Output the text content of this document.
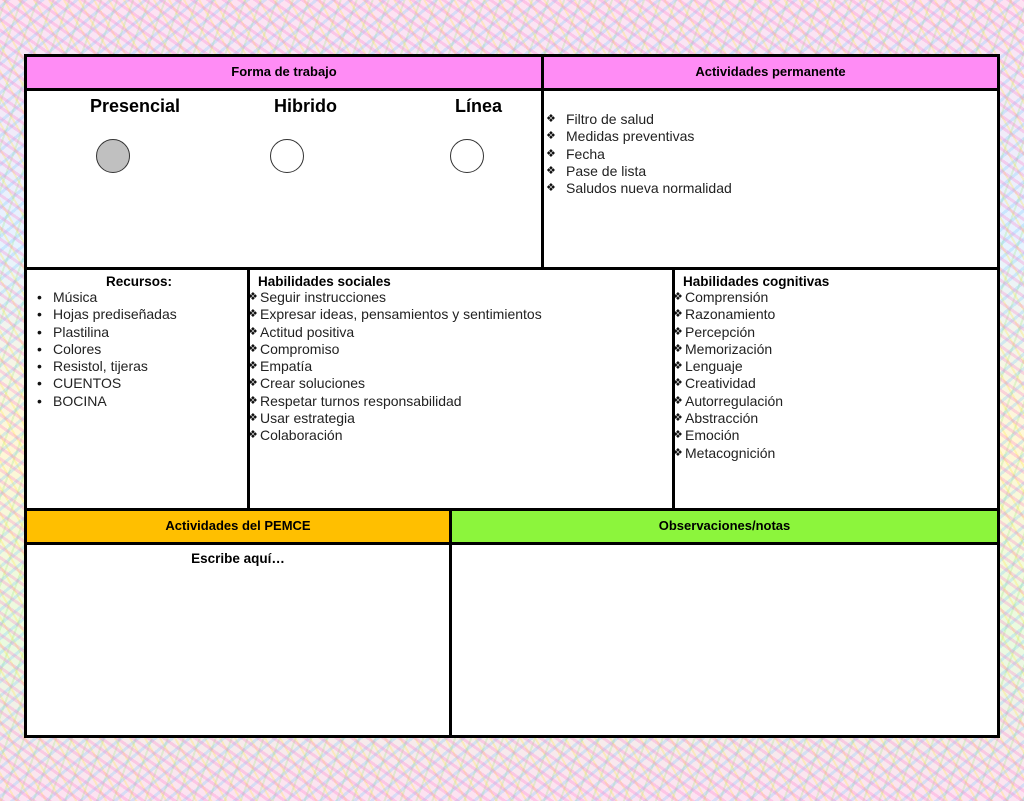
Forma de trabajo	Actividades permanente
Presencial	Hibrido	Línea
❖ Filtro de salud
❖ Medidas preventivas
❖ Fecha
❖ Pase de lista
❖ Saludos nueva normalidad
Recursos:
• Música
• Hojas prediseñadas
• Plastilina
• Colores
• Resistol, tijeras
• CUENTOS
• BOCINA
Habilidades sociales
❖ Seguir instrucciones
❖ Expresar ideas, pensamientos y sentimientos
❖ Actitud positiva
❖ Compromiso
❖ Empatía
❖ Crear soluciones
❖ Respetar turnos responsabilidad
❖ Usar estrategia
❖ Colaboración
Habilidades cognitivas
❖ Comprensión
❖ Razonamiento
❖ Percepción
❖ Memorización
❖ Lenguaje
❖ Creatividad
❖ Autorregulación
❖ Abstracción
❖ Emoción
❖ Metacognición
Actividades del PEMCE	Observaciones/notas
Escribe aquí…
